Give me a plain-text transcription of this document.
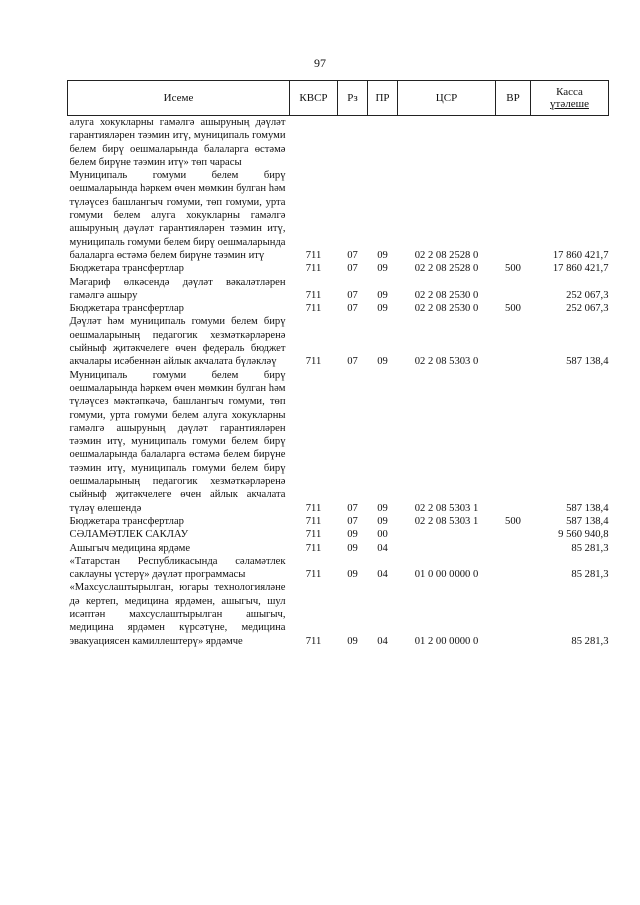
97
Исеме	КВСР	Рз	ПР	ЦСР	ВР	Касса
үтәлеше

алуга хокукларны гамәлгә ашыруның дәүләт гарантияләрен тәэмин итү, муниципаль гомуми белем бирү оешмаларында балаларга өстәмә белем бирүне тәэмин итү» төп чарасы						
Муниципаль гомуми белем бирү оешмаларында һәркем өчен мөмкин булган һәм түләүсез башлангыч гомуми, төп гомуми, урта гомуми белем алуга хокукларны гамәлгә ашыруның дәүләт гарантияләрен тәэмин итү, муниципаль гомуми белем бирү оешмаларында балаларга өстәмә белем бирүне тәэмин итү	711	07	09	02 2 08 2528 0		17 860 421,7
Бюджетара трансфертлар	711	07	09	02 2 08 2528 0	500	17 860 421,7
Мәгариф өлкәсендә дәүләт вәкаләтләрен гамәлгә ашыру	711	07	09	02 2 08 2530 0		252 067,3
Бюджетара трансфертлар	711	07	09	02 2 08 2530 0	500	252 067,3
Дәүләт һәм муниципаль гомуми белем бирү оешмаларының педагогик хезмәткәрләренә сыйныф җитәкчелеге өчен федераль бюджет акчалары исәбеннән айлык акчалата бүләкләү	711	07	09	02 2 08 5303 0		587 138,4
Муниципаль гомуми белем бирү оешмаларында һәркем өчен мөмкин булган һәм түләүсез мәктәпкәчә, башлангыч гомуми, төп гомуми, урта гомуми белем алуга хокукларны гамәлгә ашыруның дәүләт гарантияләрен тәэмин итү, муниципаль гомуми белем бирү оешмаларында балаларга өстәмә белем бирүне тәэмин итү, муниципаль гомуми белем бирү оешмаларының педагогик хезмәткәрләренә сыйныф җитәкчелеге өчен айлык акчалата түләү өлешендә	711	07	09	02 2 08 5303 1		587 138,4
Бюджетара трансфертлар	711	07	09	02 2 08 5303 1	500	587 138,4
СӘЛАМӘТЛЕК САКЛАУ	711	09	00			9 560 940,8
Ашыгыч медицина ярдәме	711	09	04			85 281,3
«Татарстан Республикасында сәламәтлек саклауны үстерү» дәүләт программасы	711	09	04	01 0 00 0000 0		85 281,3
«Махсуслаштырылган, югары технологияләне дә кертеп, медицина ярдәмен, ашыгыч, шул исәптән махсуслаштырылган ашыгыч, медицина ярдәмен күрсәтүне, медицина эвакуациясен камиллештерү» ярдәмче	711	09	04	01 2 00 0000 0		85 281,3
